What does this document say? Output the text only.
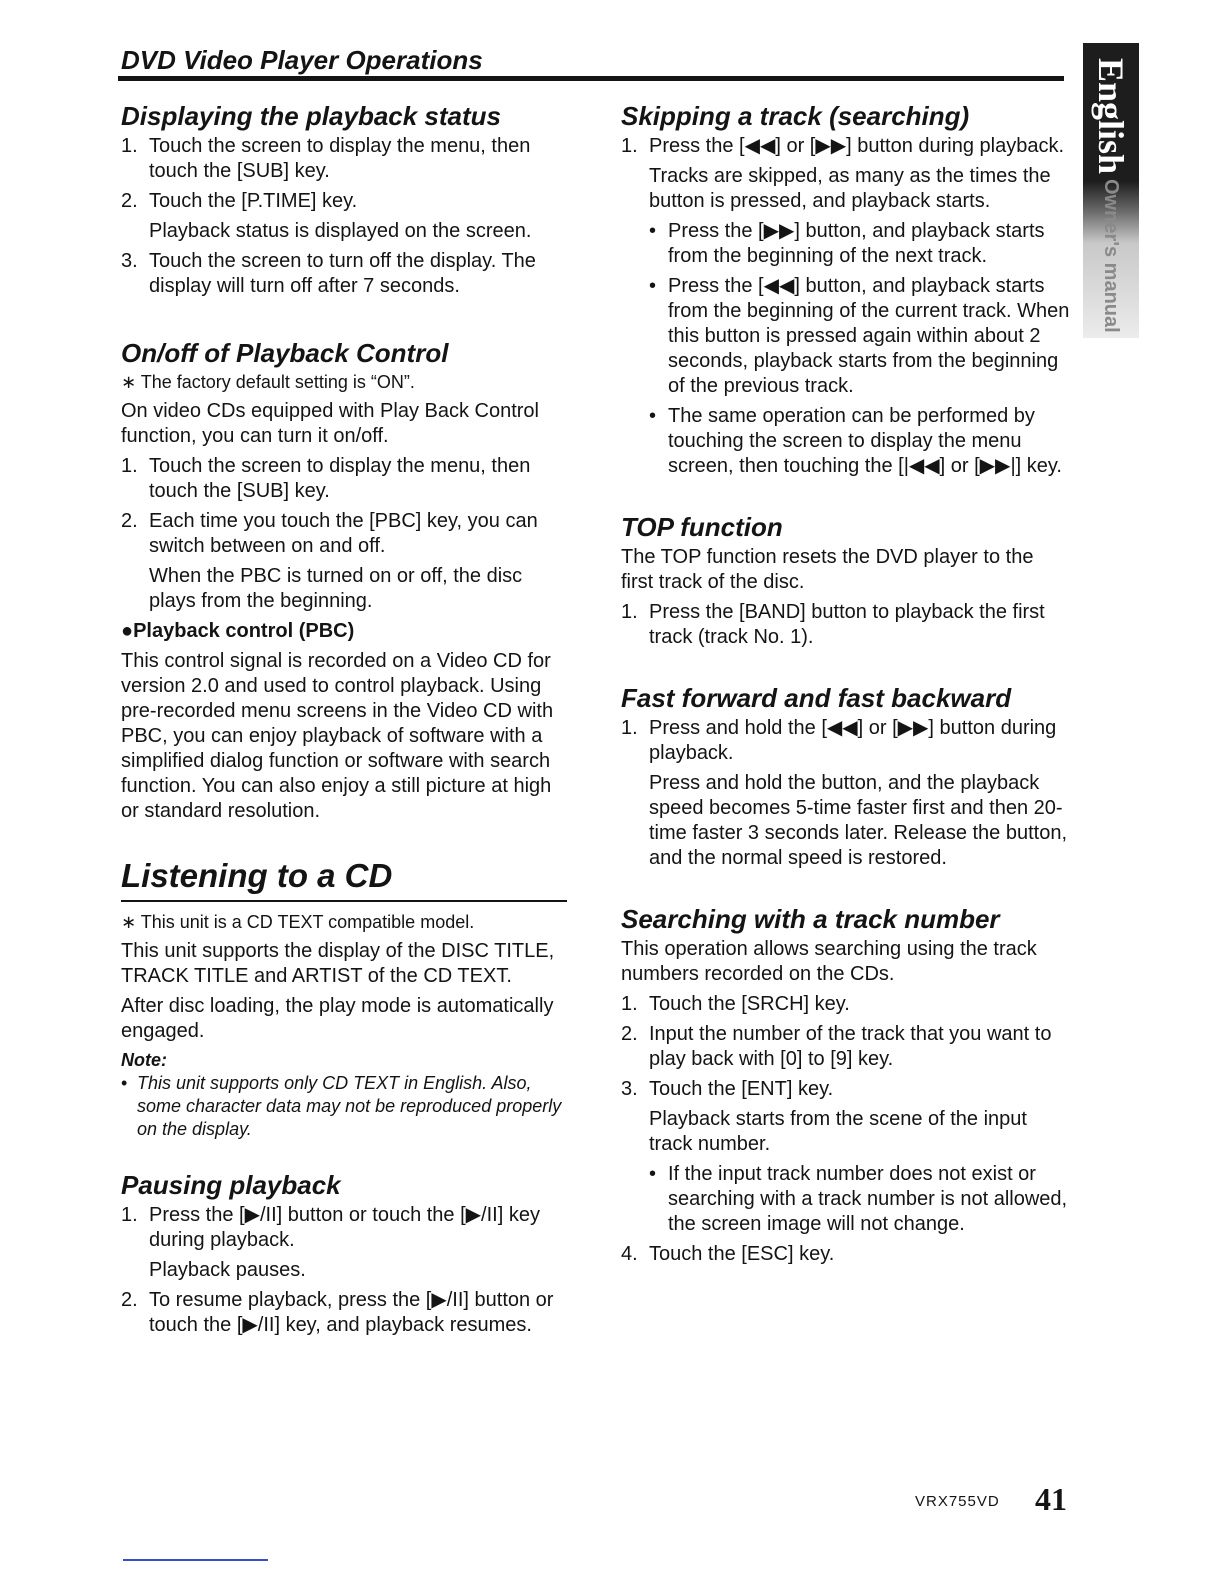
DVD Video Player Operations	English
Owner's manual
Displaying the playback status
1. Touch the screen to display the menu, then touch the [SUB] key.
2. Touch the [P.TIME] key.

Playback status is displayed on the screen.

3. Touch the screen to turn off the display. The display will turn off after 7 seconds.
On/off of Playback Control

∗ The factory default setting is “ON”.

On video CDs equipped with Play Back Control function, you can turn it on/off.

1. Touch the screen to display the menu, then touch the [SUB] key.
2. Each time you touch the [PBC] key, you can switch between on and off.

When the PBC is turned on or off, the disc plays from the beginning.

●Playback control (PBC)

This control signal is recorded on a Video CD for version 2.0 and used to control playback. Using pre-recorded menu screens in the Video CD with PBC, you can enjoy playback of software with a simplified dialog function or software with search function. You can also enjoy a still picture at high or standard resolution.

Listening to a CD

∗ This unit is a CD TEXT compatible model.

This unit supports the display of the DISC TITLE, TRACK TITLE and ARTIST of the CD TEXT.

After disc loading, the play mode is automatically engaged.

Note:
• This unit supports only CD TEXT in English. Also, some character data may not be reproduced properly on the display.
Pausing playback
1. Press the [▶/II] button or touch the [▶/II] key during playback.

Playback pauses.

2. To resume playback, press the [▶/II] button or touch the [▶/II] key, and playback resumes.
Skipping a track (searching)
1. Press the [◀◀] or [▶▶] button during playback.

Tracks are skipped, as many as the times the button is pressed, and playback starts.

• Press the [▶▶] button, and playback starts from the beginning of the next track.
• Press the [◀◀] button, and playback starts from the beginning of the current track. When this button is pressed again within about 2 seconds, playback starts from the beginning of the previous track.
• The same operation can be performed by touching the screen to display the menu screen, then touching the [|◀◀] or [▶▶|] key.
TOP function

The TOP function resets the DVD player to the first track of the disc.

1. Press the [BAND] button to playback the first track (track No. 1).
Fast forward and fast backward
1. Press and hold the [◀◀] or [▶▶] button during playback.

Press and hold the button, and the playback speed becomes 5-time faster first and then 20-time faster 3 seconds later. Release the button, and the normal speed is restored.

Searching with a track number

This operation allows searching using the track numbers recorded on the CDs.

1. Touch the [SRCH] key.
2. Input the number of the track that you want to play back with [0] to [9] key.
3. Touch the [ENT] key.

Playback starts from the scene of the input track number.

• If the input track number does not exist or searching with a track number is not allowed, the screen image will not change.
4. Touch the [ESC] key.
VRX755VD 41
